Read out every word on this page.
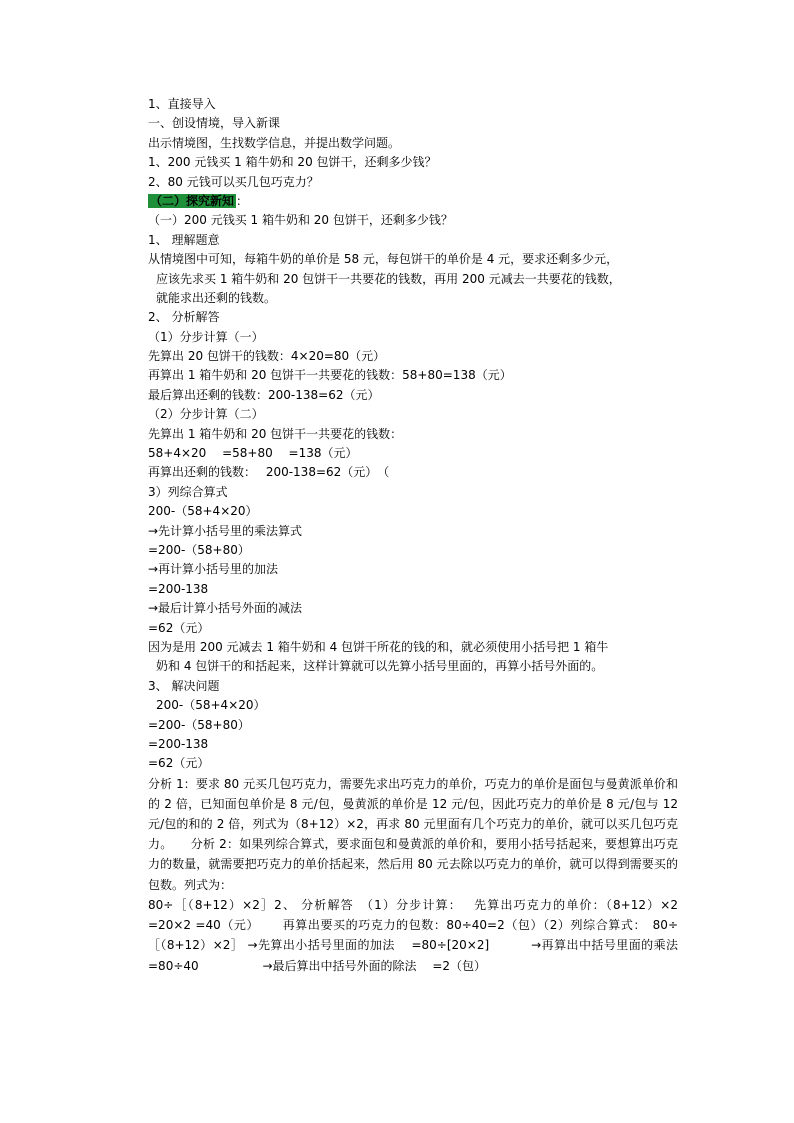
1、直接导入
一、创设情境，导入新课
出示情境图，生找数学信息，并提出数学问题。
1、200 元钱买 1 箱牛奶和 20 包饼干，还剩多少钱？
2、80 元钱可以买几包巧克力？
（二）探究新知 ：
（一）200 元钱买 1 箱牛奶和 20 包饼干，还剩多少钱？
1、 理解题意
从情境图中可知，每箱牛奶的单价是 58 元，每包饼干的单价是 4 元，要求还剩多少元，
应该先求买 1 箱牛奶和 20 包饼干一共要花的钱数，再用 200 元减去一共要花的钱数，
就能求出还剩的钱数。
2、 分析解答
（1）分步计算（一）
先算出 20 包饼干的钱数：4×20=80（元）
再算出 1 箱牛奶和 20 包饼干一共要花的钱数：58+80=138（元）
最后算出还剩的钱数：200-138=62（元）
（2）分步计算（二）
先算出 1 箱牛奶和 20 包饼干一共要花的钱数：
58+4×20　 =58+80　 =138（元）
再算出还剩的钱数：　 200-138=62（元）　（
3）列综合算式
200-（58+4×20）
→先计算小括号里的乘法算式
=200-（58+80）
→再计算小括号里的加法
=200-138
→最后计算小括号外面的减法
=62（元）
因为是用 200 元减去 1 箱牛奶和 4 包饼干所花的钱的和，就必须使用小括号把 1 箱牛
奶和 4 包饼干的和括起来，这样计算就可以先算小括号里面的，再算小括号外面的。
3、 解决问题
200-（58+4×20）
=200-（58+80）
=200-138
=62（元）
分析 1：要求 80 元买几包巧克力，需要先求出巧克力的单价，巧克力的单价是面包与曼黄派单价和的 2 倍，已知面包单价是 8 元/包，曼黄派的单价是 12 元/包，因此巧克力的单价是 8 元/包与 12 元/包的和的 2 倍，列式为（8+12）×2，再求 80 元里面有几个巧克力的单价，就可以买几包巧克力。　　分析 2：如果列综合算式，要求面包和曼黄派的单价和，要用小括号括起来，要想算出巧克力的数量，就需要把巧克力的单价括起来，然后用 80 元去除以巧克力的单价，就可以得到需要买的包数。列式为：
80÷［（8+12）×2］2、 分析解答　（1）分步计算：　 先算出巧克力的单价：（8+12）×2 =20×2 =40（元）　　 再算出要买的巧克力的包数：80÷40=2（包）（2）列综合算式：　80÷［（8+12）×2］ →先算出小括号里面的加法　 =80÷[20×2]　　　 →再算出中括号里面的乘法　 =80÷40　　　　　 →最后算出中括号外面的除法　 =2（包）
